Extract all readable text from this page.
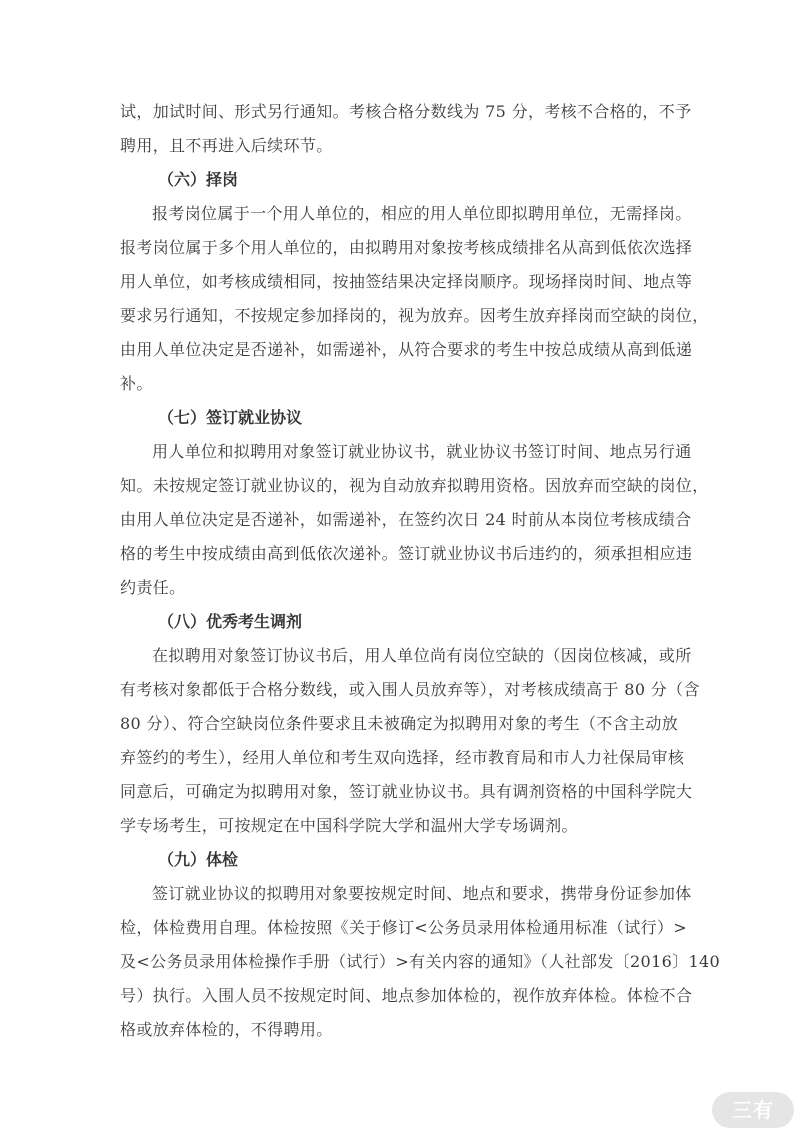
试，加试时间、形式另行通知。考核合格分数线为 75 分，考核不合格的，不予
聘用，且不再进入后续环节。
（六）择岗
报考岗位属于一个用人单位的，相应的用人单位即拟聘用单位，无需择岗。
报考岗位属于多个用人单位的，由拟聘用对象按考核成绩排名从高到低依次选择
用人单位，如考核成绩相同，按抽签结果决定择岗顺序。现场择岗时间、地点等
要求另行通知，不按规定参加择岗的，视为放弃。因考生放弃择岗而空缺的岗位，
由用人单位决定是否递补，如需递补，从符合要求的考生中按总成绩从高到低递
补。
（七）签订就业协议
用人单位和拟聘用对象签订就业协议书，就业协议书签订时间、地点另行通
知。未按规定签订就业协议的，视为自动放弃拟聘用资格。因放弃而空缺的岗位，
由用人单位决定是否递补，如需递补，在签约次日 24 时前从本岗位考核成绩合
格的考生中按成绩由高到低依次递补。签订就业协议书后违约的，须承担相应违
约责任。
（八）优秀考生调剂
在拟聘用对象签订协议书后，用人单位尚有岗位空缺的（因岗位核减，或所
有考核对象都低于合格分数线，或入围人员放弃等），对考核成绩高于 80 分（含
80 分）、符合空缺岗位条件要求且未被确定为拟聘用对象的考生（不含主动放
弃签约的考生），经用人单位和考生双向选择，经市教育局和市人力社保局审核
同意后，可确定为拟聘用对象，签订就业协议书。具有调剂资格的中国科学院大
学专场考生，可按规定在中国科学院大学和温州大学专场调剂。
（九）体检
签订就业协议的拟聘用对象要按规定时间、地点和要求，携带身份证参加体
检，体检费用自理。体检按照《关于修订<公务员录用体检通用标准（试行）>
及<公务员录用体检操作手册（试行）>有关内容的通知》（人社部发〔2016〕140
号）执行。入围人员不按规定时间、地点参加体检的，视作放弃体检。体检不合
格或放弃体检的，不得聘用。
三有
